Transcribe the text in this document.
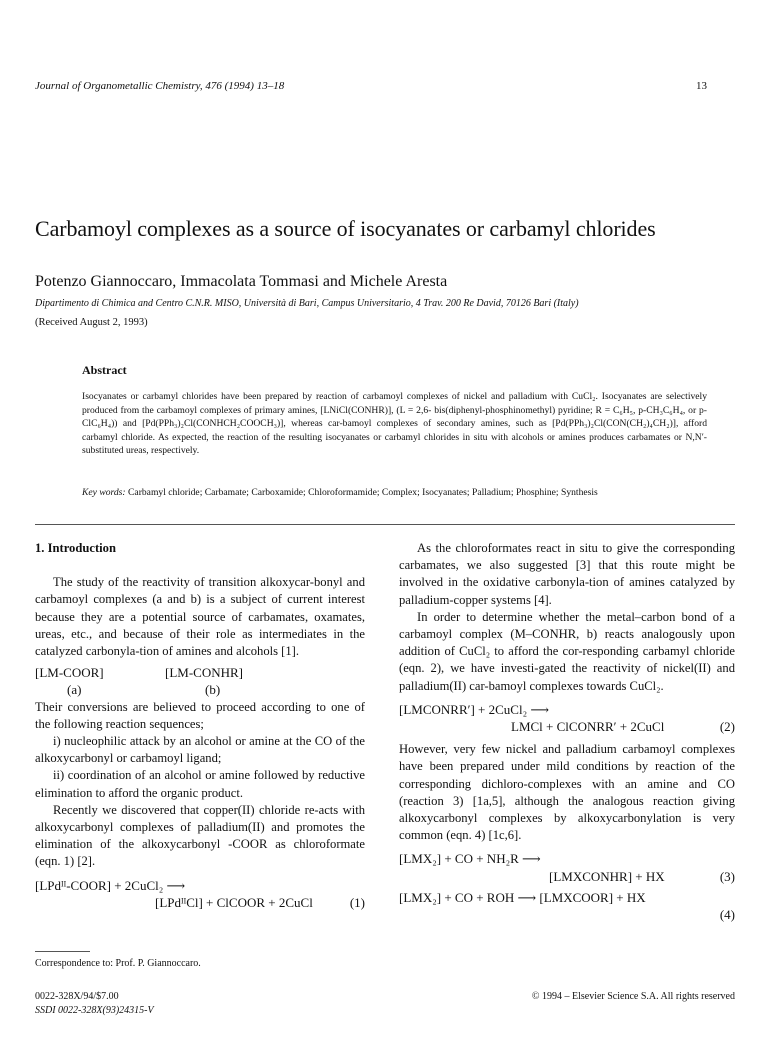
Journal of Organometallic Chemistry, 476 (1994) 13–18	13
Carbamoyl complexes as a source of isocyanates or carbamyl chlorides
Potenzo Giannoccaro, Immacolata Tommasi and Michele Aresta
Dipartimento di Chimica and Centro C.N.R. MISO, Università di Bari, Campus Universitario, 4 Trav. 200 Re David, 70126 Bari (Italy)
(Received August 2, 1993)
Abstract
Isocyanates or carbamyl chlorides have been prepared by reaction of carbamoyl complexes of nickel and palladium with CuCl₂. Isocyanates are selectively produced from the carbamoyl complexes of primary amines, [LNiCl(CONHR)], (L = 2,6- bis(diphenyl-phosphinomethyl) pyridine; R = C₆H₅, p-CH₃C₆H₄, or p-ClC₆H₄)) and [Pd(PPh₃)₂Cl(CONHCH₂COOCH₃)], whereas car-bamoyl complexes of secondary amines, such as [Pd(PPh₃)₂Cl(CON(CH₂)₄CH₂)], afford carbamyl chloride. As expected, the reaction of the resulting isocyanates or carbamyl chlorides in situ with alcohols or amines produces carbamates or N,N′-substituted ureas, respectively.
Key words: Carbamyl chloride; Carbamate; Carboxamide; Chloroformamide; Complex; Isocyanates; Palladium; Phosphine; Synthesis

1. Introduction

The study of the reactivity of transition alkoxycar-bonyl and carbamoyl complexes (a and b) is a subject of current interest because they are a potential source of carbamates, oxamates, ureas, etc., and because of their role as intermediates in the catalyzed carbonyla-tion of amines and alcohols [1].

[LM-COOR]
(a)
[LM-CONHR]
(b)

Their conversions are believed to proceed according to one of the following reaction sequences;

i) nucleophilic attack by an alcohol or amine at the CO of the alkoxycarbonyl or carbamoyl ligand;

ii) coordination of an alcohol or amine followed by reductive elimination to afford the organic product.

Recently we discovered that copper(II) chloride re-acts with alkoxycarbonyl complexes of palladium(II) and promotes the elimination of the alkoxycarbonyl -COOR as chloroformate (eqn. 1) [2].

[LPdᴵᴵ-COOR] + 2CuCl₂ ⟶
[LPdᴵᴵCl] + ClCOOR + 2CuCl	(1)
Correspondence to: Prof. P. Giannoccaro.

As the chloroformates react in situ to give the corresponding carbamates, we also suggested [3] that this route might be involved in the oxidative carbonyla-tion of amines catalyzed by palladium-copper systems [4].

In order to determine whether the metal–carbon bond of a carbamoyl complex (M–CONHR, b) reacts analogously upon addition of CuCl₂ to afford the cor-responding carbamyl chloride (eqn. 2), we have investi-gated the reactivity of nickel(II) and palladium(II) car-bamoyl complexes towards CuCl₂.

[LMCONRR′] + 2CuCl₂ ⟶
LMCl + ClCONRR′ + 2CuCl	(2)

However, very few nickel and palladium carbamoyl complexes have been prepared under mild conditions by reaction of the corresponding dichloro-complexes with an amine and CO (reaction 3) [1a,5], although the analogous reaction giving alkoxycarbonyl complexes by alkoxycarbonylation is very common (eqn. 4) [1c,6].

[LMX₂] + CO + NH₂R ⟶
[LMXCONHR] + HX	(3)
[LMX₂] + CO + ROH ⟶ [LMXCOOR] + HX
(4)
0022-328X/94/$7.00
SSDI 0022-328X(93)24315-V
© 1994 – Elsevier Science S.A. All rights reserved
